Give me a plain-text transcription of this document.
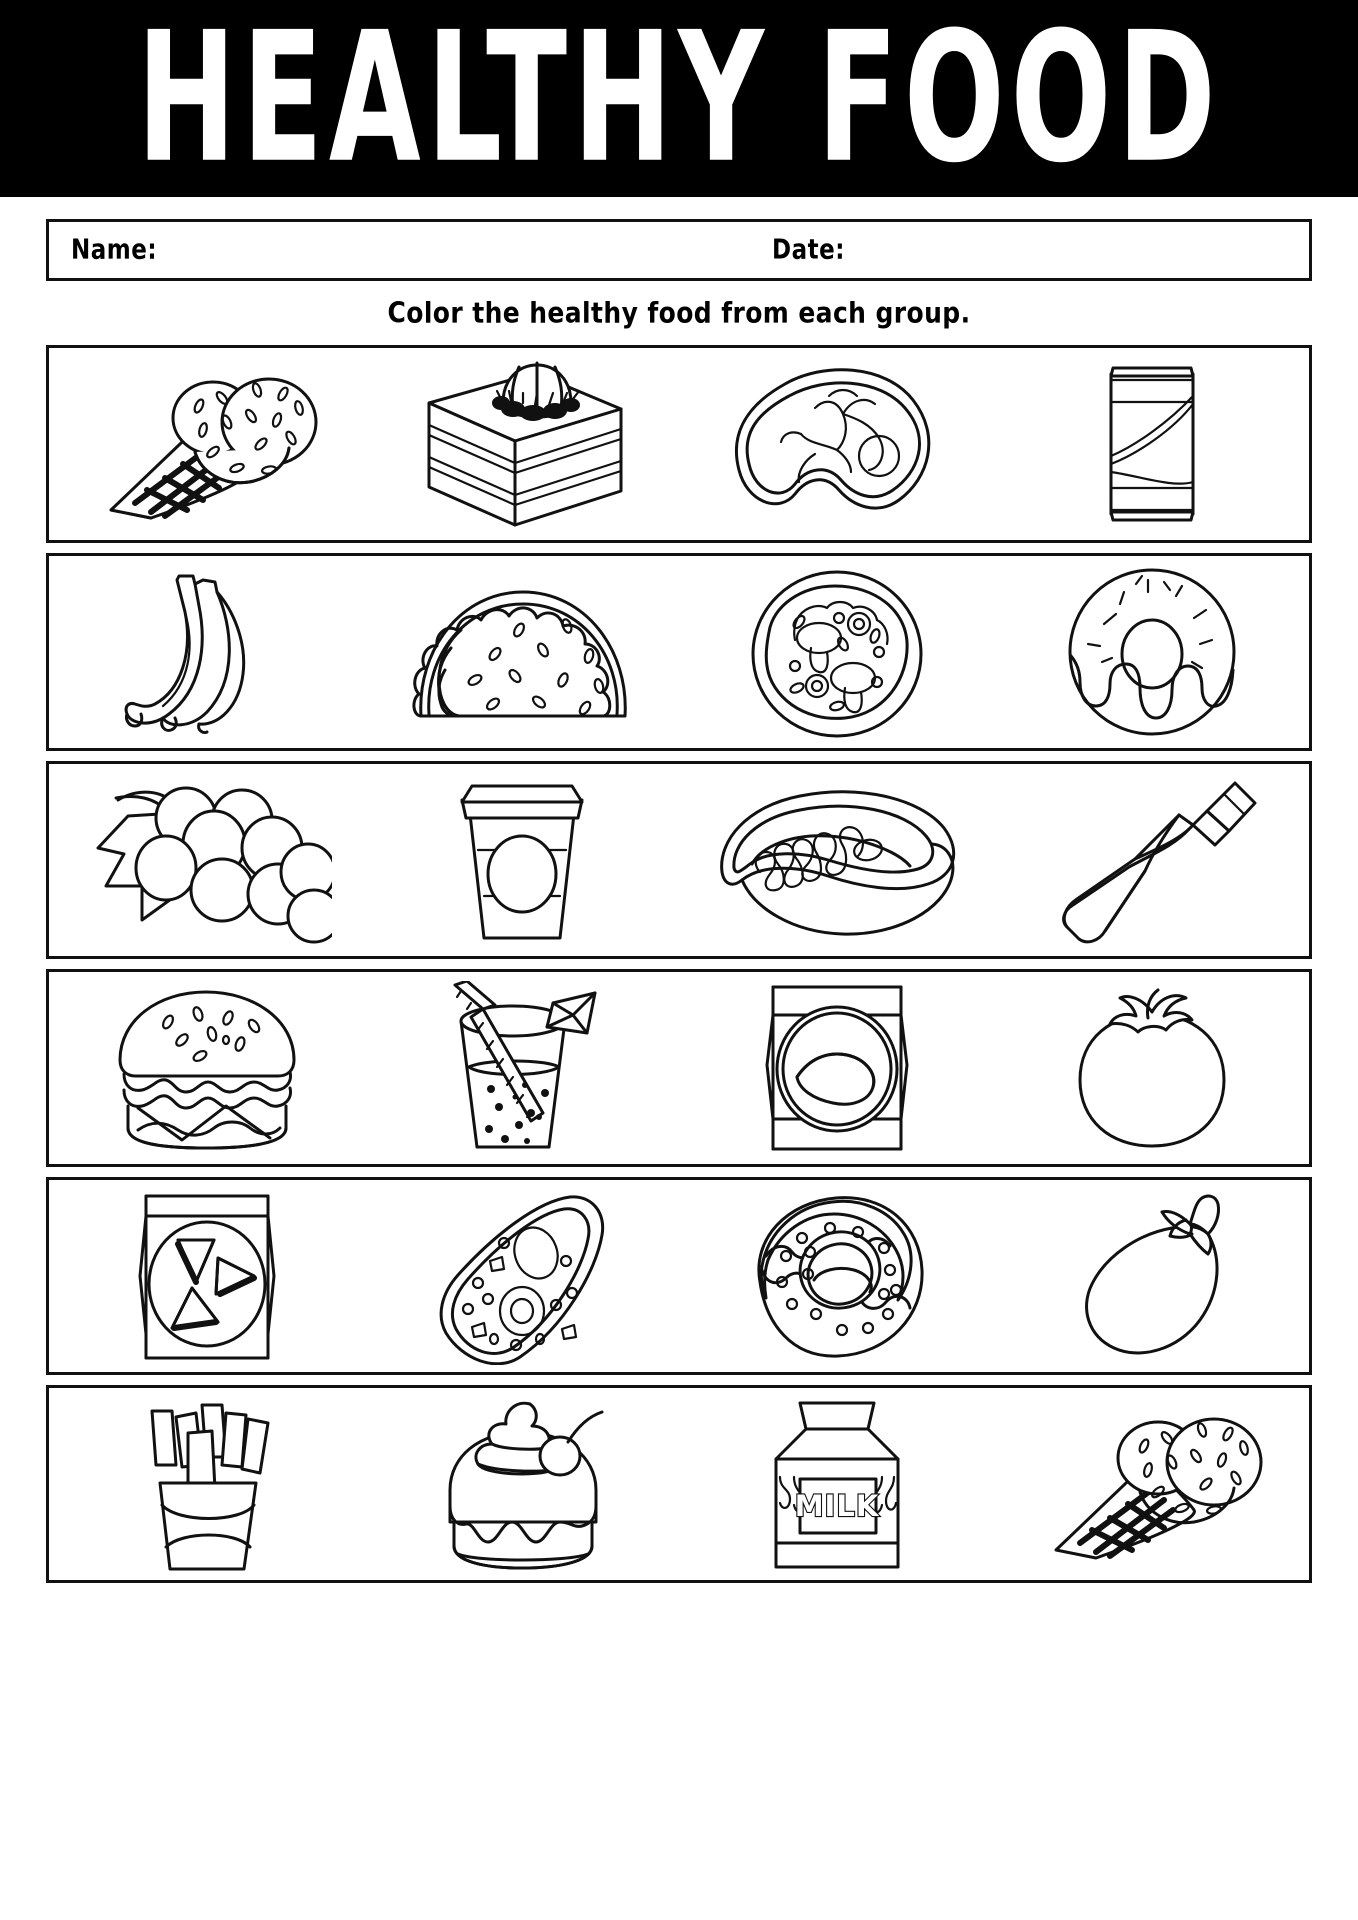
HEALTHY FOOD
Name:	Date:
Color the healthy food from each group.
MILK
